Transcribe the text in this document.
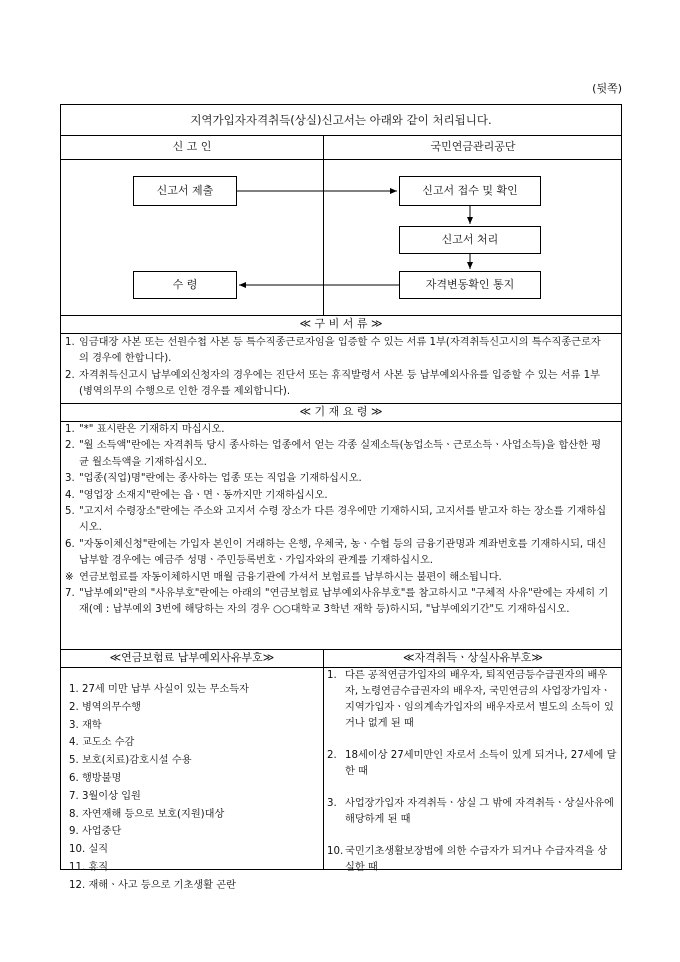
(뒷쪽)
지역가입자자격취득(상실)신고서는 아래와 같이 처리됩니다.
신 고 인	국민연금관리공단
신고서 제출	신고서 접수 및 확인
신고서 처리
자격변동확인 통지
수 령
≪ 구 비 서 류 ≫
1. 임금대장 사본 또는 선원수첩 사본 등 특수직종근로자임을 입증할 수 있는 서류 1부(자격취득신고시의 특수직종근로자의 경우에 한합니다).
2. 자격취득신고시 납부예외신청자의 경우에는 진단서 또는 휴직발령서 사본 등 납부예외사유를 입증할 수 있는 서류 1부(병역의무의 수행으로 인한 경우를 제외합니다).
≪ 기 재 요 령 ≫
1. "*" 표시란은 기재하지 마십시오.
2. "월 소득액"란에는 자격취득 당시 종사하는 업종에서 얻는 각종 실제소득(농업소득ㆍ근로소득ㆍ사업소득)을 합산한 평균 월소득액을 기재하십시오.
3. "업종(직업)명"란에는 종사하는 업종 또는 직업을 기재하십시오.
4. "영업장 소재지"란에는 읍ㆍ면ㆍ동까지만 기재하십시오.
5. "고지서 수령장소"란에는 주소와 고지서 수령 장소가 다른 경우에만 기재하시되, 고지서를 받고자 하는 장소를 기재하십시오.
6. "자동이체신청"란에는 가입자 본인이 거래하는 은행, 우체국, 농ㆍ수협 등의 금융기관명과 계좌번호를 기재하시되, 대신 납부할 경우에는 예금주 성명ㆍ주민등록번호ㆍ가입자와의 관계를 기재하십시오.
※ 연금보험료를 자동이체하시면 매월 금융기관에 가셔서 보험료를 납부하시는 불편이 해소됩니다.
7. "납부예외"란의 "사유부호"란에는 아래의 "연금보험료 납부예외사유부호"를 참고하시고 "구체적 사유"란에는 자세히 기재(예 : 납부예외 3번에 해당하는 자의 경우 ○○대학교 3학년 재학 등)하시되, "납부예외기간"도 기재하십시오.
≪연금보험료 납부예외사유부호≫	≪자격취득ㆍ상실사유부호≫
1. 27세 미만 납부 사실이 있는 무소득자
2. 병역의무수행
3. 재학
4. 교도소 수감
5. 보호(치료)감호시설 수용
6. 행방불명
7. 3월이상 입원
8. 자연재해 등으로 보호(지원)대상
9. 사업중단
10. 실직
11. 휴직
12. 재해ㆍ사고 등으로 기초생활 곤란
1. 다른 공적연금가입자의 배우자, 퇴직연금등수급권자의 배우자, 노령연금수급권자의 배우자, 국민연금의 사업장가입자ㆍ지역가입자ㆍ임의계속가입자의 배우자로서 별도의 소득이 있거나 없게 된 때
2. 18세이상 27세미만인 자로서 소득이 있게 되거나, 27세에 달한 때
3. 사업장가입자 자격취득ㆍ상실 그 밖에 자격취득ㆍ상실사유에 해당하게 된 때
10. 국민기초생활보장법에 의한 수급자가 되거나 수급자격을 상실한 때
